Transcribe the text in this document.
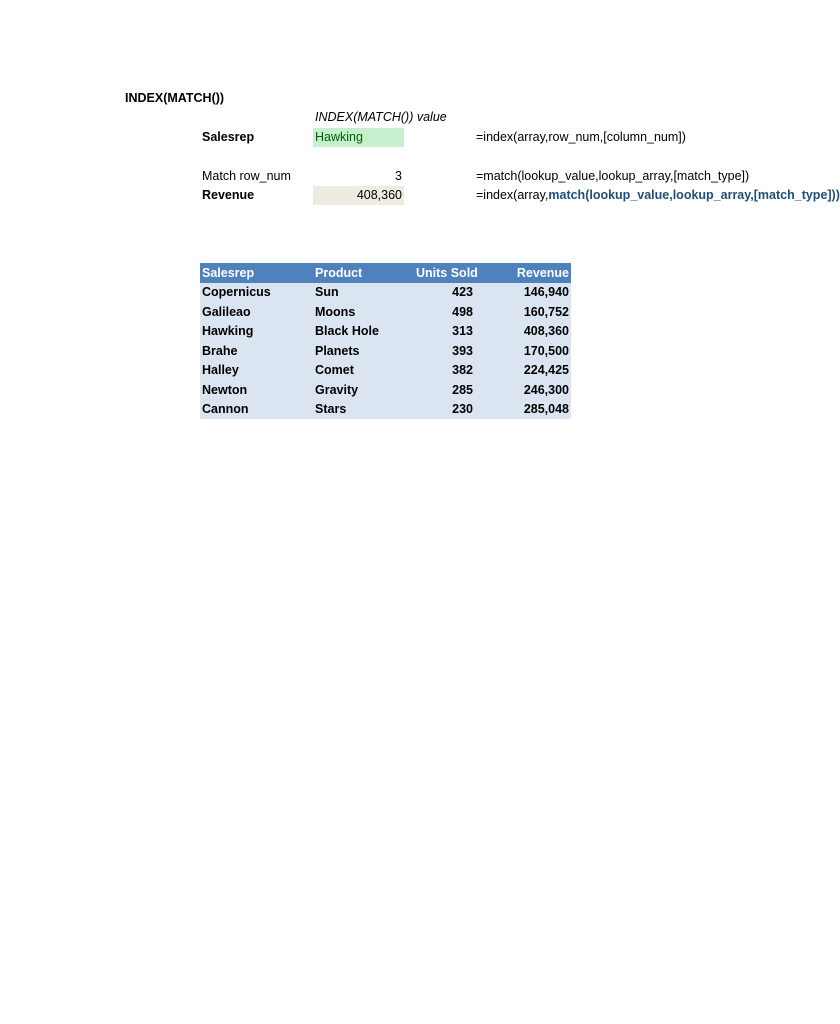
INDEX(MATCH())
INDEX(MATCH()) value
Salesrep	Hawking	=index(array,row_num,[column_num])
Match row_num	3	=match(lookup_value,lookup_array,[match_type])
Revenue	408,360	=index(array,match(lookup_value,lookup_array,[match_type]))
Salesrep	Product	Units Sold	Revenue
Copernicus	Sun	423	146,940
Galileao	Moons	498	160,752
Hawking	Black Hole	313	408,360
Brahe	Planets	393	170,500
Halley	Comet	382	224,425
Newton	Gravity	285	246,300
Cannon	Stars	230	285,048
